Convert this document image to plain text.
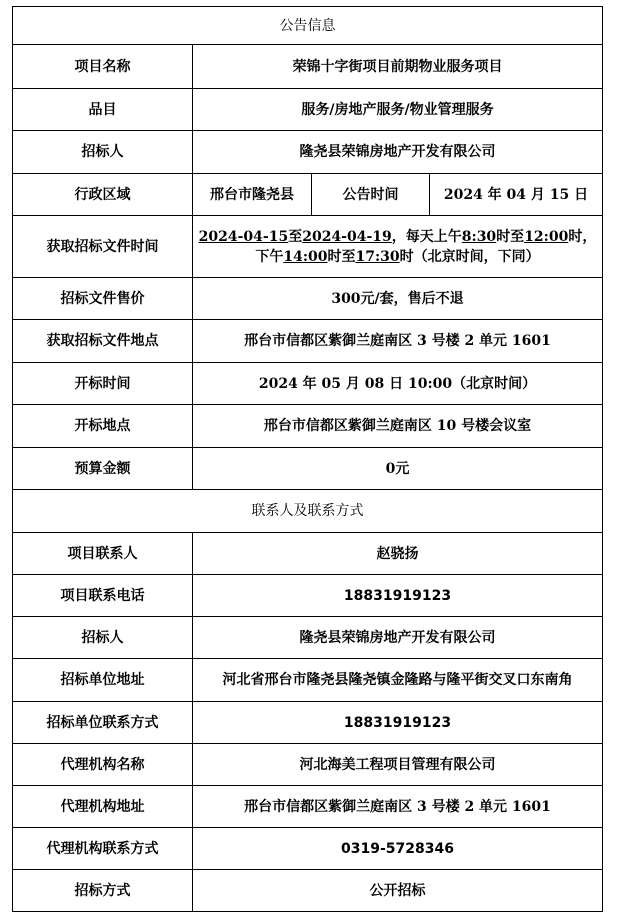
公告信息			
项目名称	荣锦十字街项目前期物业服务项目		
品目	服务/房地产服务/物业管理服务		
招标人	隆尧县荣锦房地产开发有限公司		
行政区域	邢台市隆尧县	公告时间	2024 年 04 月 15 日
获取招标文件时间	2024-04-15至2024-04-19，每天上午8:30时至12:00时，下午14:00时至17:30时（北京时间，下同）		
招标文件售价	300元/套，售后不退		
获取招标文件地点	邢台市信都区紫御兰庭南区 3 号楼 2 单元 1601		
开标时间	2024 年 05 月 08 日 10:00（北京时间）		
开标地点	邢台市信都区紫御兰庭南区 10 号楼会议室		
预算金额	0元		
联系人及联系方式			
项目联系人	赵骁扬		
项目联系电话	18831919123		
招标人	隆尧县荣锦房地产开发有限公司		
招标单位地址	河北省邢台市隆尧县隆尧镇金隆路与隆平街交叉口东南角		
招标单位联系方式	18831919123		
代理机构名称	河北海美工程项目管理有限公司		
代理机构地址	邢台市信都区紫御兰庭南区 3 号楼 2 单元 1601		
代理机构联系方式	0319-5728346		
招标方式	公开招标		
